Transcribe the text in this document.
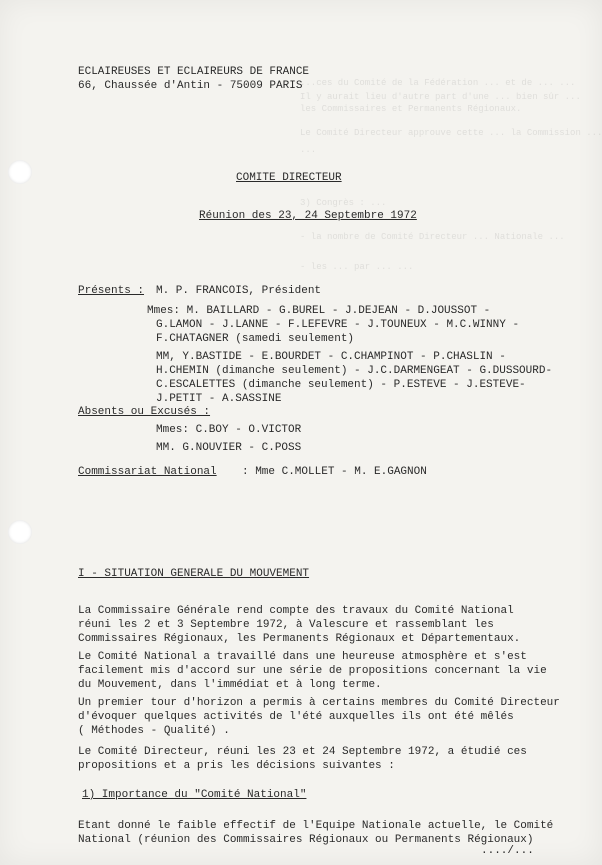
...ces du Comité de la Fédération ... et de ... ...
Il y aurait lieu d'autre part d'une ... bien sûr ...
les Commissaires et Permanents Régionaux.
Le Comité Directeur approuve cette ... la Commission ...
...
3) Congrès : ...
- la nombre de Comité Directeur ... Nationale ...
- les ... par ... ...
ECLAIREUSES ET ECLAIREURS DE FRANCE
66, Chaussée d'Antin - 75009 PARIS
COMITE DIRECTEUR
Réunion des 23, 24 Septembre 1972
Présents : M. P. FRANCOIS, Président
Mmes: M. BAILLARD - G.BUREL - J.DEJEAN - D.JOUSSOT -
G.LAMON - J.LANNE - F.LEFEVRE - J.TOUNEUX - M.C.WINNY -
F.CHATAGNER (samedi seulement)
MM, Y.BASTIDE - E.BOURDET - C.CHAMPINOT - P.CHASLIN -
H.CHEMIN (dimanche seulement) - J.C.DARMENGEAT - G.DUSSOURD-
C.ESCALETTES (dimanche seulement) - P.ESTEVE - J.ESTEVE-
J.PETIT - A.SASSINE
Absents ou Excusés :
Mmes: C.BOY - O.VICTOR
MM. G.NOUVIER - C.POSS
Commissariat National : Mme C.MOLLET - M. E.GAGNON
I - SITUATION GENERALE DU MOUVEMENT
La Commissaire Générale rend compte des travaux du Comité National
réuni les 2 et 3 Septembre 1972, à Valescure et rassemblant les
Commissaires Régionaux, les Permanents Régionaux et Départementaux.
Le Comité National a travaillé dans une heureuse atmosphère et s'est
facilement mis d'accord sur une série de propositions concernant la vie
du Mouvement, dans l'immédiat et à long terme.
Un premier tour d'horizon a permis à certains membres du Comité Directeur
d'évoquer quelques activités de l'été auxquelles ils ont été mêlés
( Méthodes - Qualité) .
Le Comité Directeur, réuni les 23 et 24 Septembre 1972, a étudié ces
propositions et a pris les décisions suivantes :
1) Importance du "Comité National"
Etant donné le faible effectif de l'Equipe Nationale actuelle, le Comité
National (réunion des Commissaires Régionaux ou Permanents Régionaux)
..../...
